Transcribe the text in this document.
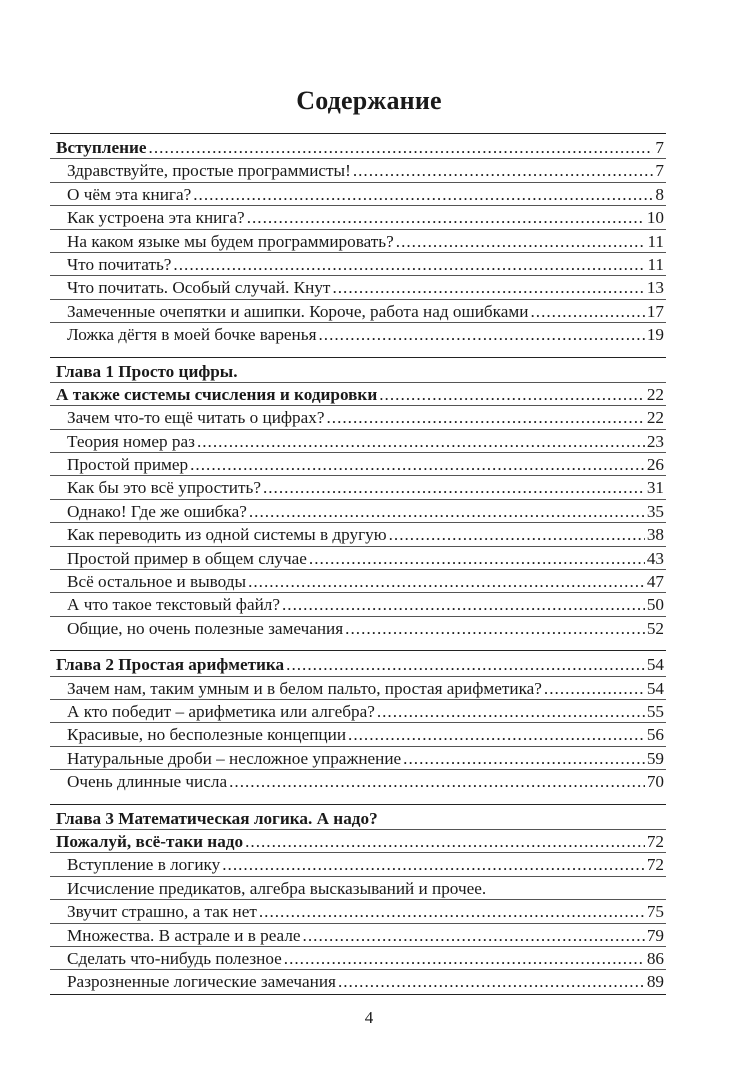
Содержание
Вступление .....	7
Здравствуйте, простые программисты! .....	7
О чём эта книга? .....	8
Как устроена эта книга? .....	10
На каком языке мы будем программировать? .....	11
Что почитать? .....	11
Что почитать. Особый случай. Кнут .....	13
Замеченные очепятки и ашипки. Короче, работа над ошибками .....	17
Ложка дёгтя в моей бочке варенья .....	19
Глава 1 Просто цифры.
А также системы счисления и кодировки .....	22
Зачем что-то ещё читать о цифрах? .....	22
Теория номер раз .....	23
Простой пример .....	26
Как бы это всё упростить? .....	31
Однако! Где же ошибка? .....	35
Как переводить из одной системы в другую .....	38
Простой пример в общем случае .....	43
Всё остальное и выводы .....	47
А что такое текстовый файл? .....	50
Общие, но очень полезные замечания .....	52
Глава 2 Простая арифметика .....	54
Зачем нам, таким умным и в белом пальто, простая арифметика? .....	54
А кто победит – арифметика или алгебра? .....	55
Красивые, но бесполезные концепции .....	56
Натуральные дроби – несложное упражнение .....	59
Очень длинные числа .....	70
Глава 3 Математическая логика. А надо?
Пожалуй, всё-таки надо .....	72
Вступление в логику .....	72
Исчисление предикатов, алгебра высказываний и прочее.
Звучит страшно, а так нет .....	75
Множества. В астрале и в реале .....	79
Сделать что-нибудь полезное .....	86
Разрозненные логические замечания .....	89
4
